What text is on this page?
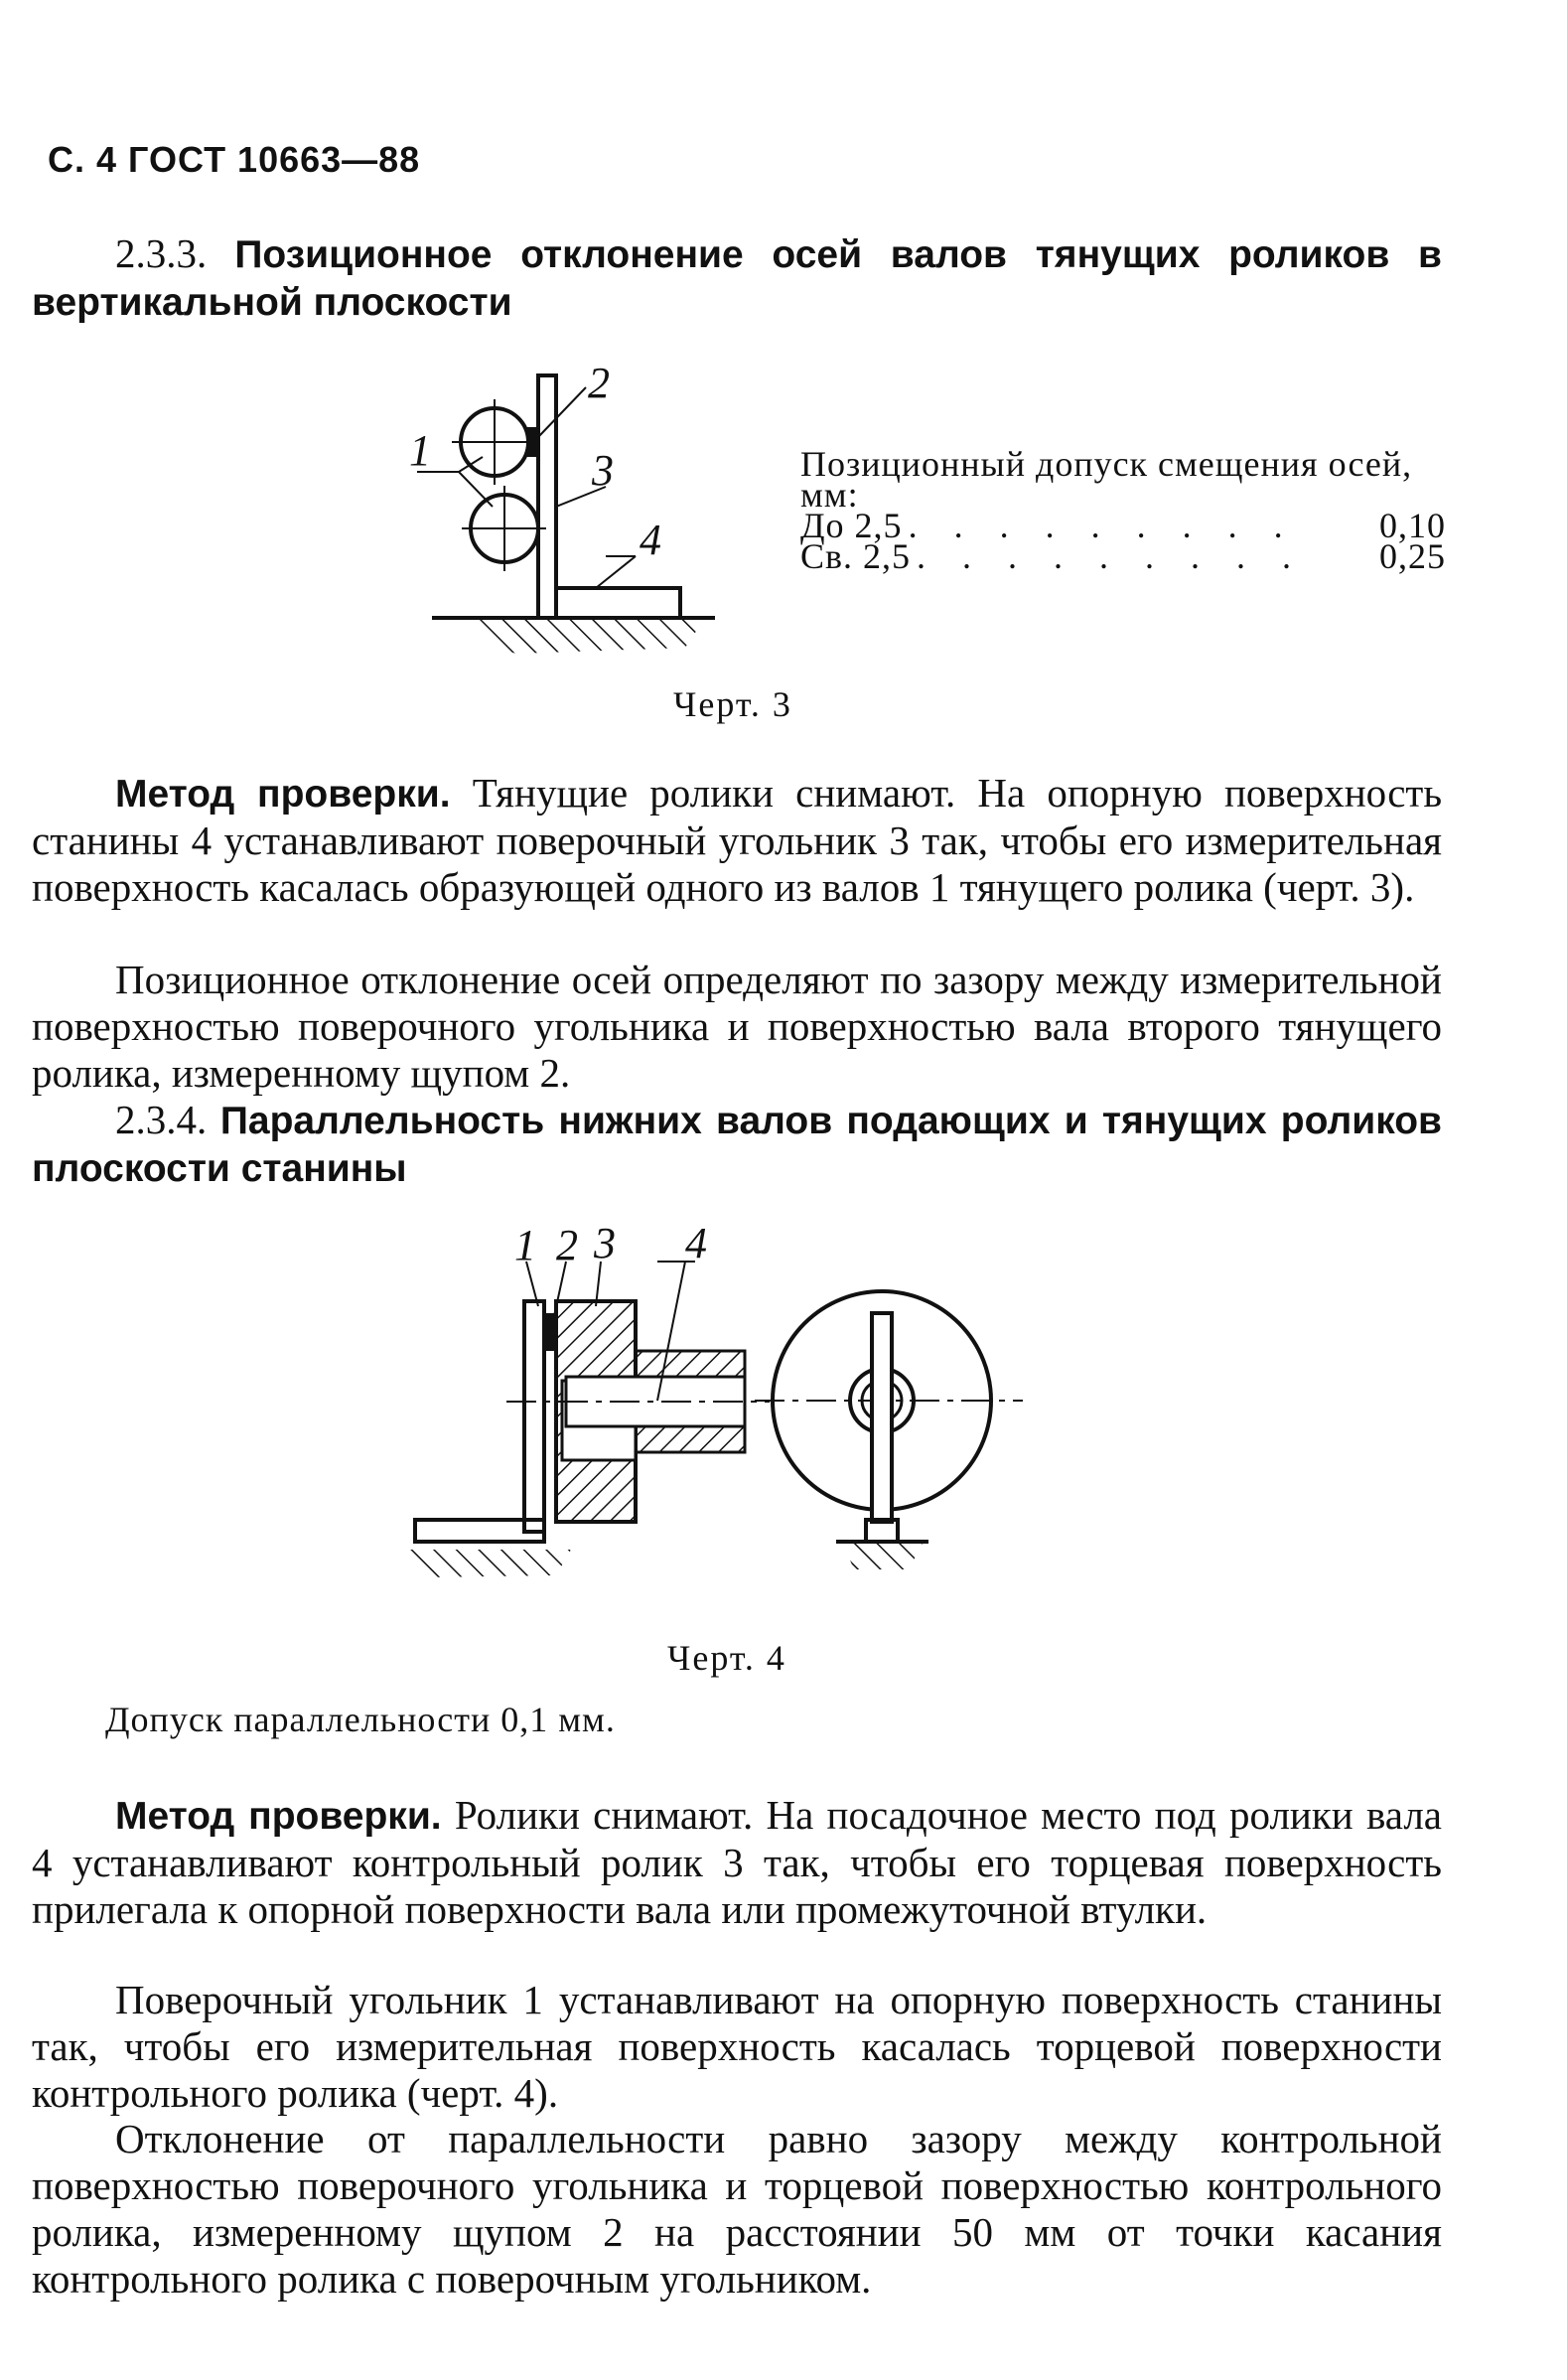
С. 4 ГОСТ 10663—88
2.3.3. Позиционное отклонение осей валов тянущих роликов в вертикальной плоскости
1
2
3
4
Позиционный допуск смещения осей, мм:
До 2,5 . . . . . . . . .	0,10
Св. 2,5 . . . . . . . . .	0,25
Черт. 3
Метод проверки. Тянущие ролики снимают. На опорную поверхность станины 4 устанавливают поверочный угольник 3 так, чтобы его измерительная поверхность касалась образующей одного из валов 1 тянущего ролика (черт. 3).
Позиционное отклонение осей определяют по зазору между измерительной поверхностью поверочного угольника и поверхностью вала второго тянущего ролика, измеренному щупом 2.
2.3.4. Параллельность нижних валов подающих и тянущих роликов плоскости станины
1 2 3 4
Черт. 4
Допуск параллельности 0,1 мм.
Метод проверки. Ролики снимают. На посадочное место под ролики вала 4 устанавливают контрольный ролик 3 так, чтобы его торцевая поверхность прилегала к опорной поверхности вала или промежуточной втулки.
Поверочный угольник 1 устанавливают на опорную поверхность станины так, чтобы его измерительная поверхность касалась торцевой поверхности контрольного ролика (черт. 4).
Отклонение от параллельности равно зазору между контрольной поверхностью поверочного угольника и торцевой поверхностью контрольного ролика, измеренному щупом 2 на расстоянии 50 мм от точки касания контрольного ролика с поверочным угольником.
